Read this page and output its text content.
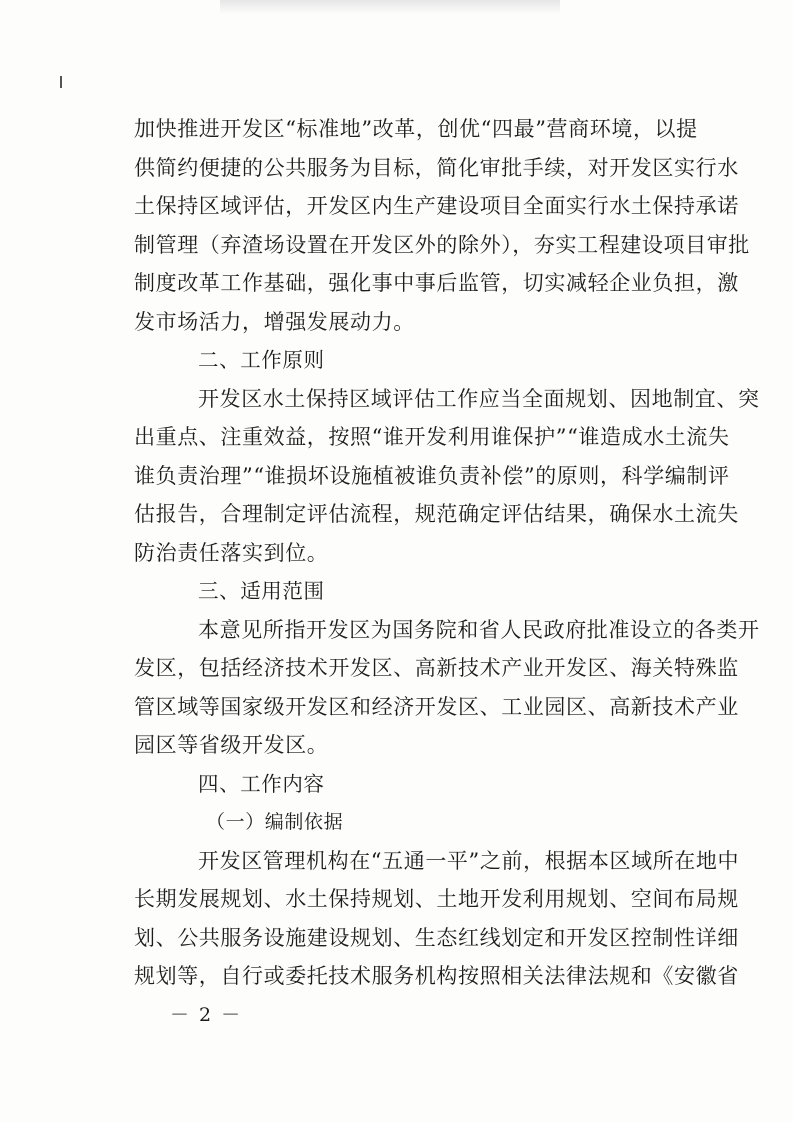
加快推进开发区“标准地”改革，创优“四最”营商环境，以提

供简约便捷的公共服务为目标，简化审批手续，对开发区实行水

土保持区域评估，开发区内生产建设项目全面实行水土保持承诺

制管理（弃渣场设置在开发区外的除外），夯实工程建设项目审批

制度改革工作基础，强化事中事后监管，切实减轻企业负担，激

发市场活力，增强发展动力。

二、工作原则

开发区水土保持区域评估工作应当全面规划、因地制宜、突

出重点、注重效益，按照“谁开发利用谁保护”“谁造成水土流失

谁负责治理”“谁损坏设施植被谁负责补偿”的原则，科学编制评

估报告，合理制定评估流程，规范确定评估结果，确保水土流失

防治责任落实到位。

三、适用范围

本意见所指开发区为国务院和省人民政府批准设立的各类开

发区，包括经济技术开发区、高新技术产业开发区、海关特殊监

管区域等国家级开发区和经济开发区、工业园区、高新技术产业

园区等省级开发区。

四、工作内容

（一）编制依据

开发区管理机构在“五通一平”之前，根据本区域所在地中

长期发展规划、水土保持规划、土地开发利用规划、空间布局规

划、公共服务设施建设规划、生态红线划定和开发区控制性详细

规划等，自行或委托技术服务机构按照相关法律法规和《安徽省

－ 2 －
